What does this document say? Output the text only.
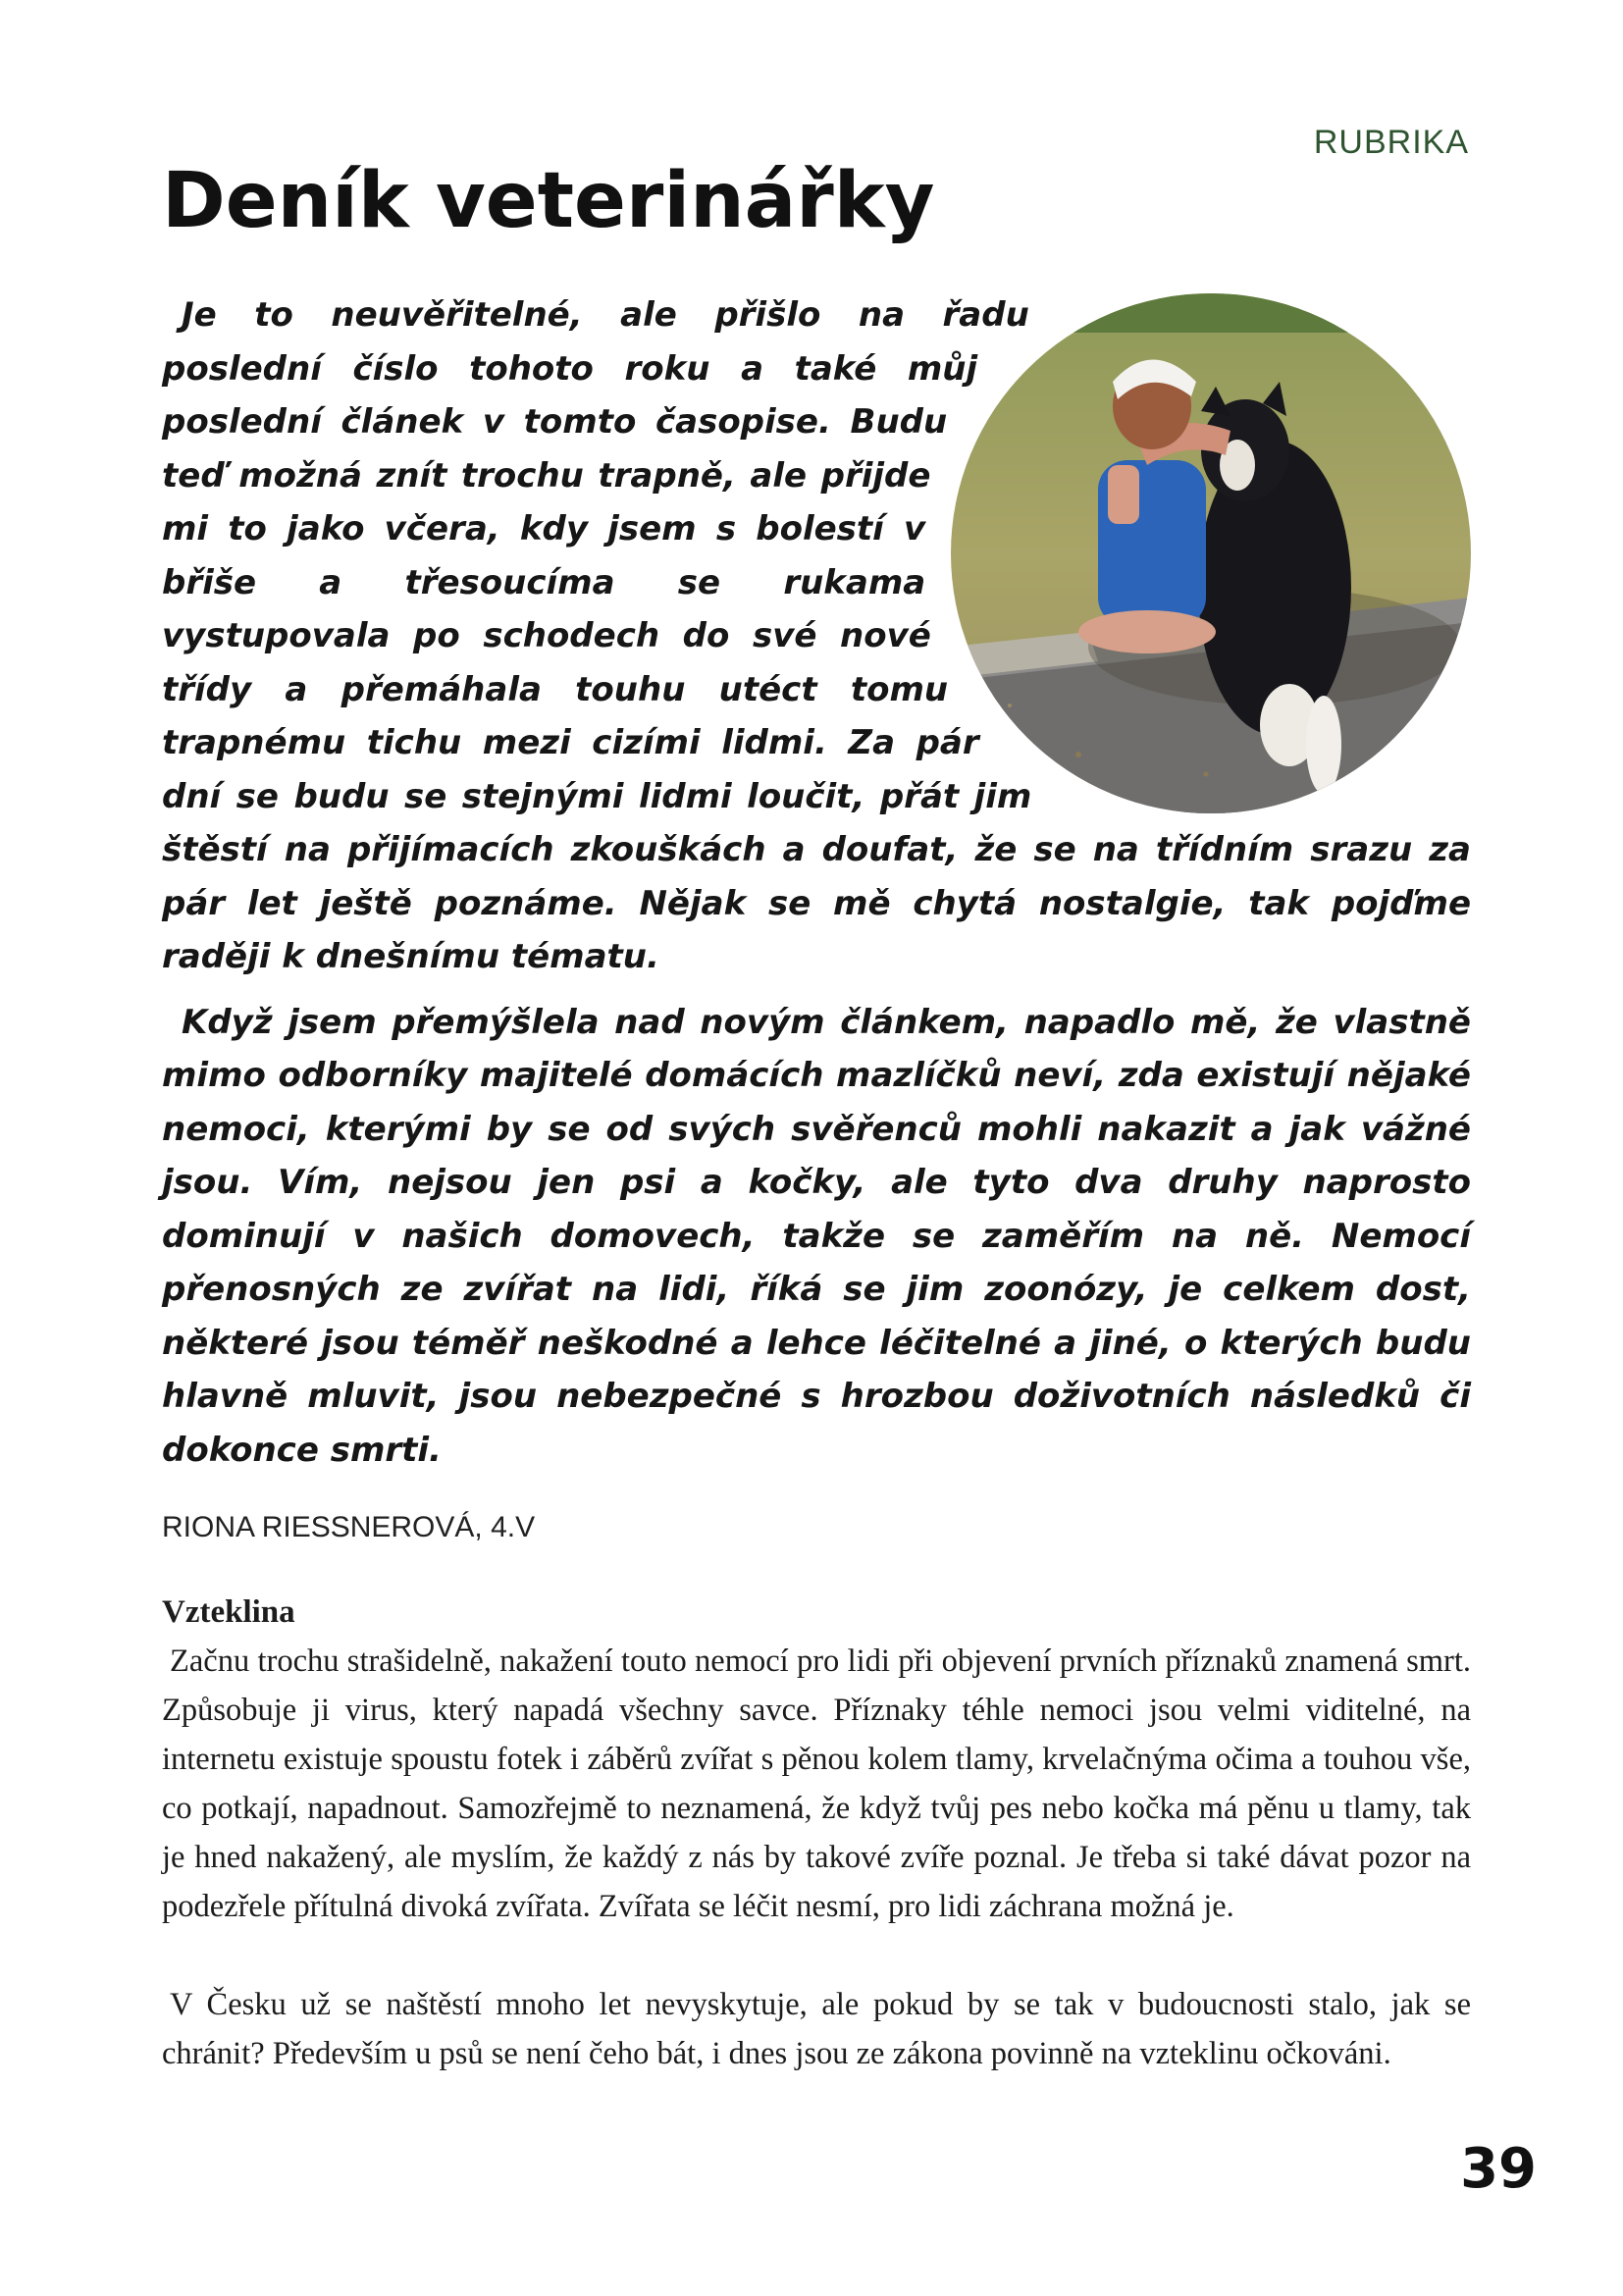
RUBRIKA
Deník veterinářky

Je to neuvěřitelné, ale přišlo na řadu poslední číslo tohoto roku a také můj poslední článek v tomto časopise. Budu teď možná znít trochu trapně, ale přijde mi to jako včera, kdy jsem s bolestí v břiše a třesoucíma se rukama vystupovala po schodech do své nové třídy a přemáhala touhu utéct tomu trapnému tichu mezi cizími lidmi. Za pár dní se budu se stejnými lidmi loučit, přát jim štěstí na přijímacích zkouškách a doufat, že se na třídním srazu za pár let ještě poznáme. Nějak se mě chytá nostalgie, tak pojďme raději k dnešnímu tématu.

Když jsem přemýšlela nad novým článkem, napadlo mě, že vlastně mimo odborníky majitelé domácích mazlíčků neví, zda existují nějaké nemoci, kterými by se od svých svěřenců mohli nakazit a jak vážné jsou. Vím, nejsou jen psi a kočky, ale tyto dva druhy naprosto dominují v našich domovech, takže se zaměřím na ně. Nemocí přenosných ze zvířat na lidi, říká se jim zoonózy, je celkem dost, některé jsou téměř neškodné a lehce léčitelné a jiné, o kterých budu hlavně mluvit, jsou nebezpečné s hrozbou doživotních následků či dokonce smrti.

RIONA RIESSNEROVÁ, 4.V
Vzteklina

Začnu trochu strašidelně, nakažení touto nemocí pro lidi při objevení prvních příznaků znamená smrt. Způsobuje ji virus, který napadá všechny savce. Příznaky téhle nemoci jsou velmi viditelné, na internetu existuje spoustu fotek i záběrů zvířat s pěnou kolem tlamy, krvelačnýma očima a touhou vše, co potkají, napadnout. Samozřejmě to neznamená, že když tvůj pes nebo kočka má pěnu u tlamy, tak je hned nakažený, ale myslím, že každý z nás by takové zvíře poznal. Je třeba si také dávat pozor na podezřele přítulná divoká zvířata. Zvířata se léčit nesmí, pro lidi záchrana možná je.

V Česku už se naštěstí mnoho let nevyskytuje, ale pokud by se tak v budoucnosti stalo, jak se chránit? Především u psů se není čeho bát, i dnes jsou ze zákona povinně na vzteklinu očkováni.

39
